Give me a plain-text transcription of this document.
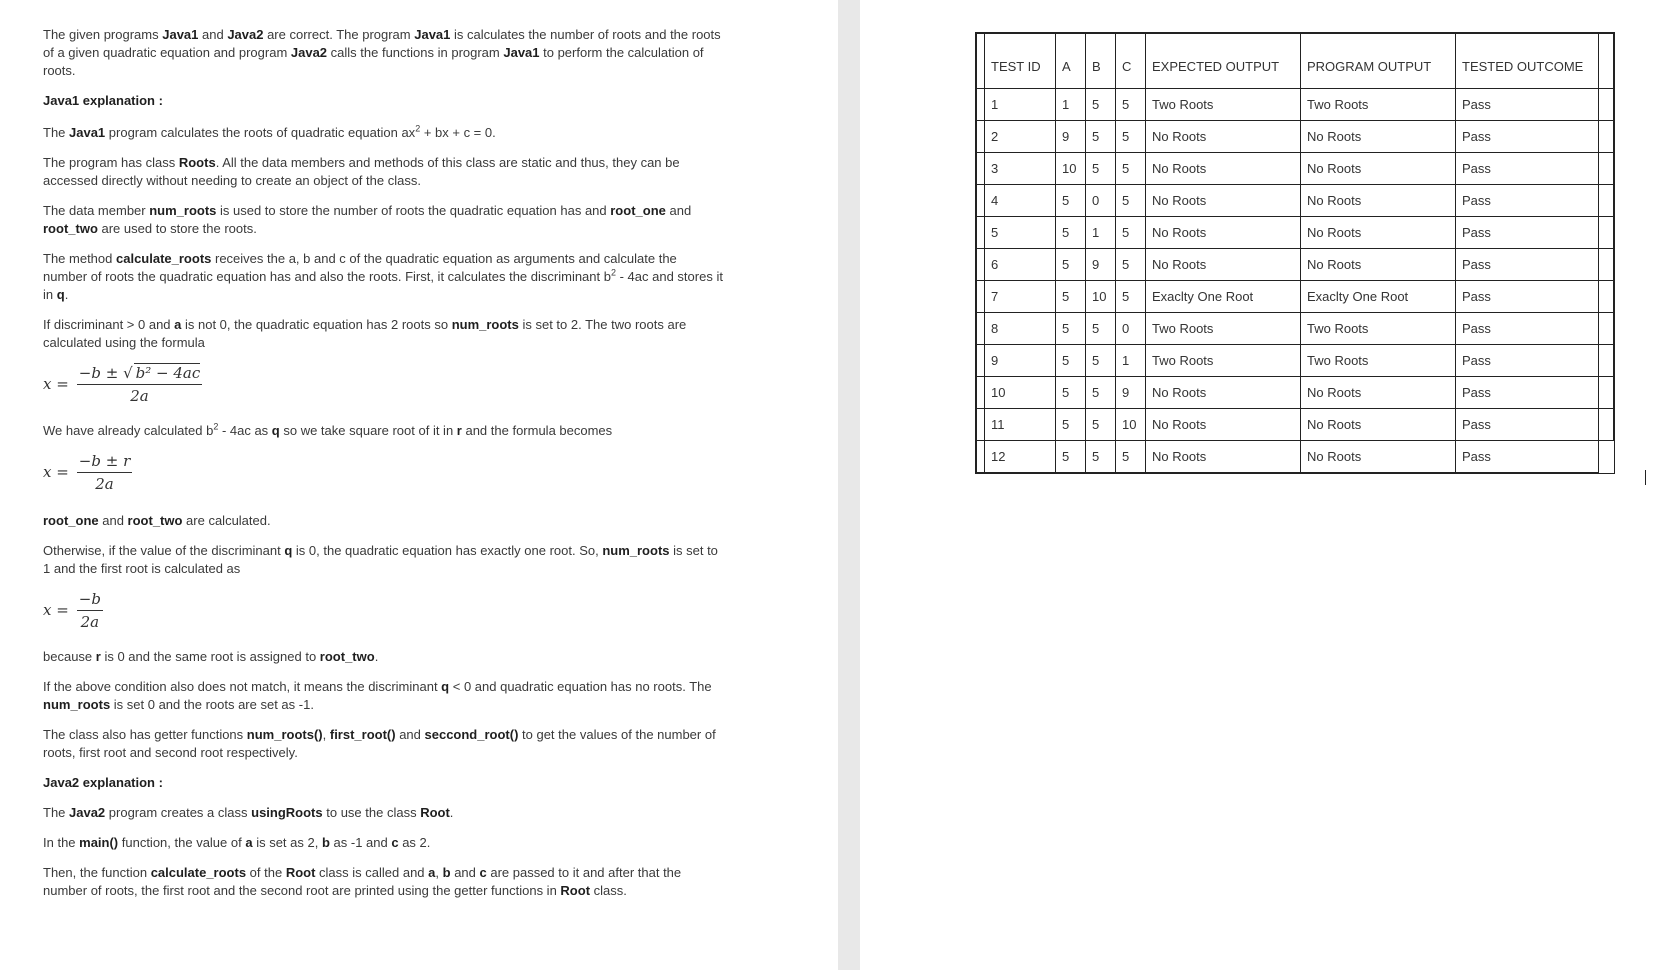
The given programs Java1 and Java2 are correct. The program Java1 is calculates the number of roots and the roots of a given quadratic equation and program Java2 calls the functions in program Java1 to perform the calculation of roots.

Java1 explanation :

The Java1 program calculates the roots of quadratic equation $ax^2$ + bx + c = 0.

The program has class Roots. All the data members and methods of this class are static and thus, they can be accessed directly without needing to create an object of the class.

The data member num_roots is used to store the number of roots the quadratic equation has and root_one and root_two are used to store the roots.

The method calculate_roots receives the a, b and c of the quadratic equation as arguments and calculate the number of roots the quadratic equation has and also the roots. First, it calculates the discriminant $b^2 - 4ac$ and stores it in q.

If discriminant > 0 and a is not 0, the quadratic equation has 2 roots so num_roots is set to 2. The two roots are calculated using the formula

$x = \frac{\text{−b ± √ b² − 4ac}}{2a}$

We have already calculated $b^2 - 4ac$ as q so we take square root of it in r and the formula becomes

$x = \frac{-b \pm r}{2a}$

root_one and root_two are calculated.

Otherwise, if the value of the discriminant q is 0, the quadratic equation has exactly one root. So, num_roots is set to 1 and the first root is calculated as

$x = \frac{-b}{2a}$

because r is 0 and the same root is assigned to root_two.

If the above condition also does not match, it means the discriminant q < 0 and quadratic equation has no roots. The num_roots is set 0 and the roots are set as -1.

The class also has getter functions num_roots(), first_root() and seccond_root() to get the values of the number of roots, first root and second root respectively.

Java2 explanation :

The Java2 program creates a class usingRoots to use the class Root.

In the main() function, the value of a is set as 2, b as -1 and c as 2.

Then, the function calculate_roots of the Root class is called and a, b and c are passed to it and after that the number of roots, the first root and the second root are printed using the getter functions in Root class.

	TEST ID	A	B	C	EXPECTED OUTPUT	PROGRAM OUTPUT	TESTED OUTCOME	
	1	1	5	5	Two Roots	Two Roots	Pass	
	2	9	5	5	No Roots	No Roots	Pass	
	3	10	5	5	No Roots	No Roots	Pass	
	4	5	0	5	No Roots	No Roots	Pass	
	5	5	1	5	No Roots	No Roots	Pass	
	6	5	9	5	No Roots	No Roots	Pass	
	7	5	10	5	Exaclty One Root	Exaclty One Root	Pass	
	8	5	5	0	Two Roots	Two Roots	Pass	
	9	5	5	1	Two Roots	Two Roots	Pass	
	10	5	5	9	No Roots	No Roots	Pass	
	11	5	5	10	No Roots	No Roots	Pass	
	12	5	5	5	No Roots	No Roots	Pass	
